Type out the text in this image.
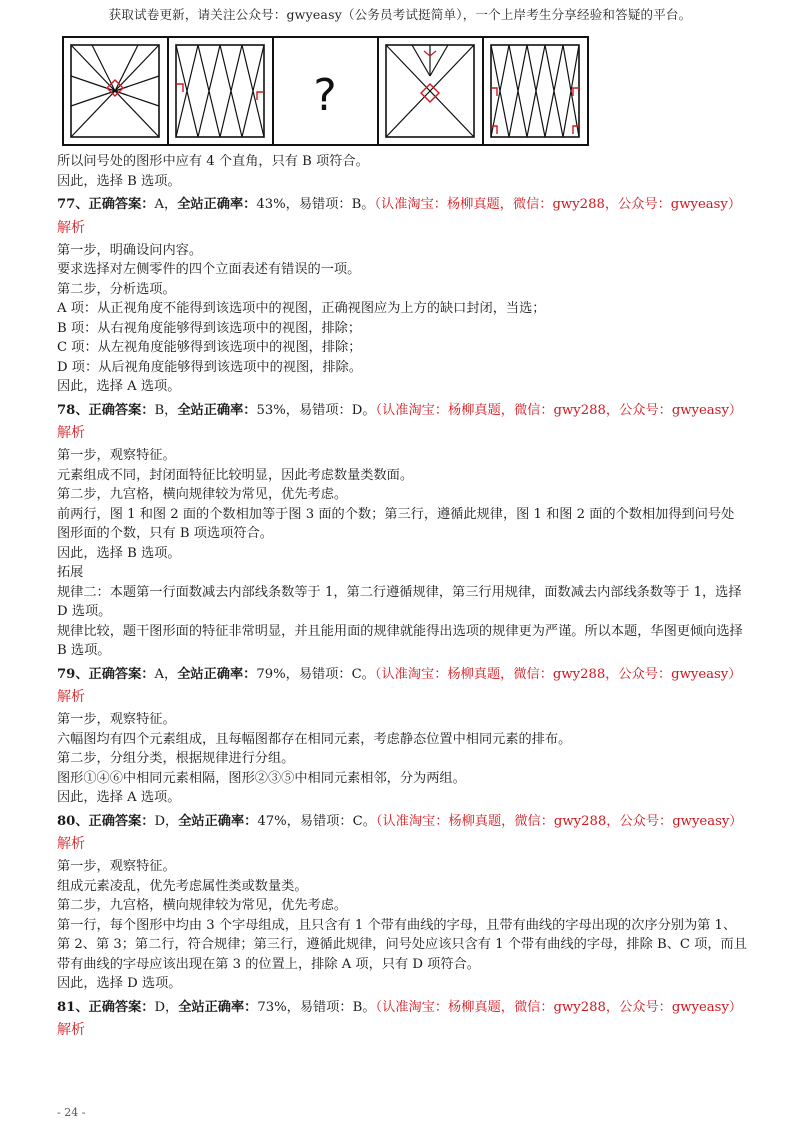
获取试卷更新，请关注公众号：gwyeasy（公务员考试挺简单），一个上岸考生分享经验和答疑的平台。
?
所以问号处的图形中应有 4 个直角，只有 B 项符合。
因此，选择 B 选项。
77、正确答案：A，全站正确率：43%，易错项：B。（认准淘宝：杨柳真题，微信：gwy288，公众号：gwyeasy）
解析
第一步，明确设问内容。
要求选择对左侧零件的四个立面表述有错误的一项。
第二步，分析选项。
A 项：从正视角度不能得到该选项中的视图，正确视图应为上方的缺口封闭，当选；
B 项：从右视角度能够得到该选项中的视图，排除；
C 项：从左视角度能够得到该选项中的视图，排除；
D 项：从后视角度能够得到该选项中的视图，排除。
因此，选择 A 选项。
78、正确答案：B，全站正确率：53%，易错项：D。（认准淘宝：杨柳真题，微信：gwy288，公众号：gwyeasy）
解析
第一步，观察特征。
元素组成不同，封闭面特征比较明显，因此考虑数量类数面。
第二步，九宫格，横向规律较为常见，优先考虑。
前两行，图 1 和图 2 面的个数相加等于图 3 面的个数；第三行，遵循此规律，图 1 和图 2 面的个数相加得到问号处图形面的个数，只有 B 项选项符合。
因此，选择 B 选项。
拓展
规律二：本题第一行面数减去内部线条数等于 1，第二行遵循规律，第三行用规律，面数减去内部线条数等于 1，选择 D 选项。
规律比较，题干图形面的特征非常明显，并且能用面的规律就能得出选项的规律更为严谨。所以本题，华图更倾向选择 B 选项。
79、正确答案：A，全站正确率：79%，易错项：C。（认准淘宝：杨柳真题，微信：gwy288，公众号：gwyeasy）
解析
第一步，观察特征。
六幅图均有四个元素组成，且每幅图都存在相同元素，考虑静态位置中相同元素的排布。
第二步，分组分类，根据规律进行分组。
图形①④⑥中相同元素相隔，图形②③⑤中相同元素相邻，分为两组。
因此，选择 A 选项。
80、正确答案：D，全站正确率：47%，易错项：C。（认准淘宝：杨柳真题，微信：gwy288，公众号：gwyeasy）
解析
第一步，观察特征。
组成元素凌乱，优先考虑属性类或数量类。
第二步，九宫格，横向规律较为常见，优先考虑。
第一行，每个图形中均由 3 个字母组成，且只含有 1 个带有曲线的字母，且带有曲线的字母出现的次序分别为第 1、第 2、第 3；第二行，符合规律；第三行，遵循此规律，问号处应该只含有 1 个带有曲线的字母，排除 B、C 项，而且带有曲线的字母应该出现在第 3 的位置上，排除 A 项，只有 D 项符合。
因此，选择 D 选项。
81、正确答案：D，全站正确率：73%，易错项：B。（认准淘宝：杨柳真题，微信：gwy288，公众号：gwyeasy）
解析
- 24 -
